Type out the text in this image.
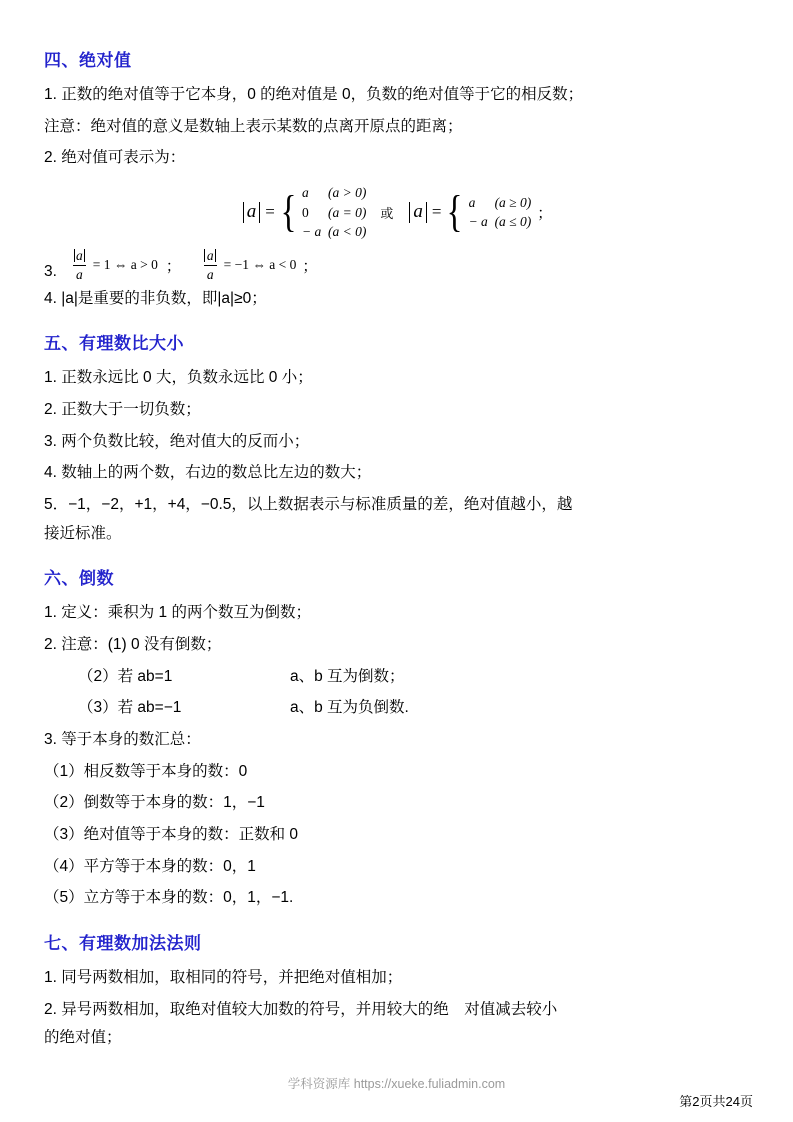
四、绝对值
1. 正数的绝对值等于它本身，0 的绝对值是 0，负数的绝对值等于它的相反数；
注意：绝对值的意义是数轴上表示某数的点离开原点的距离；
2. 绝对值可表示为：
a = { a	(a > 0)
0	(a = 0)
− a (a < 0)
或 a = { a	(a ≥ 0)
− a (a ≤ 0) ；
3. $\frac{a}{a} = 1$ ⇔ a > 0 ； $\frac{a}{a} = -1$ ⇔ a < 0 ；
4. |a|是重要的非负数，即|a|≥0；
五、有理数比大小
1. 正数永远比 0 大，负数永远比 0 小；
2. 正数大于一切负数；
3. 两个负数比较，绝对值大的反而小；
4. 数轴上的两个数，右边的数总比左边的数大；
5．−1，−2，+1，+4，−0.5，以上数据表示与标准质量的差，绝对值越小，越
接近标准。
六、倒数
1. 定义：乘积为 1 的两个数互为倒数；
2. 注意：(1) 0 没有倒数；
（2）若 ab=1	a、b 互为倒数；
（3）若 ab=−1	a、b 互为负倒数.
3. 等于本身的数汇总：
（1）相反数等于本身的数：0
（2）倒数等于本身的数：1，−1
（3）绝对值等于本身的数：正数和 0
（4）平方等于本身的数：0，1
（5）立方等于本身的数：0，1，−1.
七、有理数加法法则
1. 同号两数相加，取相同的符号，并把绝对值相加；
2. 异号两数相加，取绝对值较大加数的符号，并用较大的绝　对值减去较小
的绝对值；
学科资源库 https://xueke.fuliadmin.com
第2页共24页
